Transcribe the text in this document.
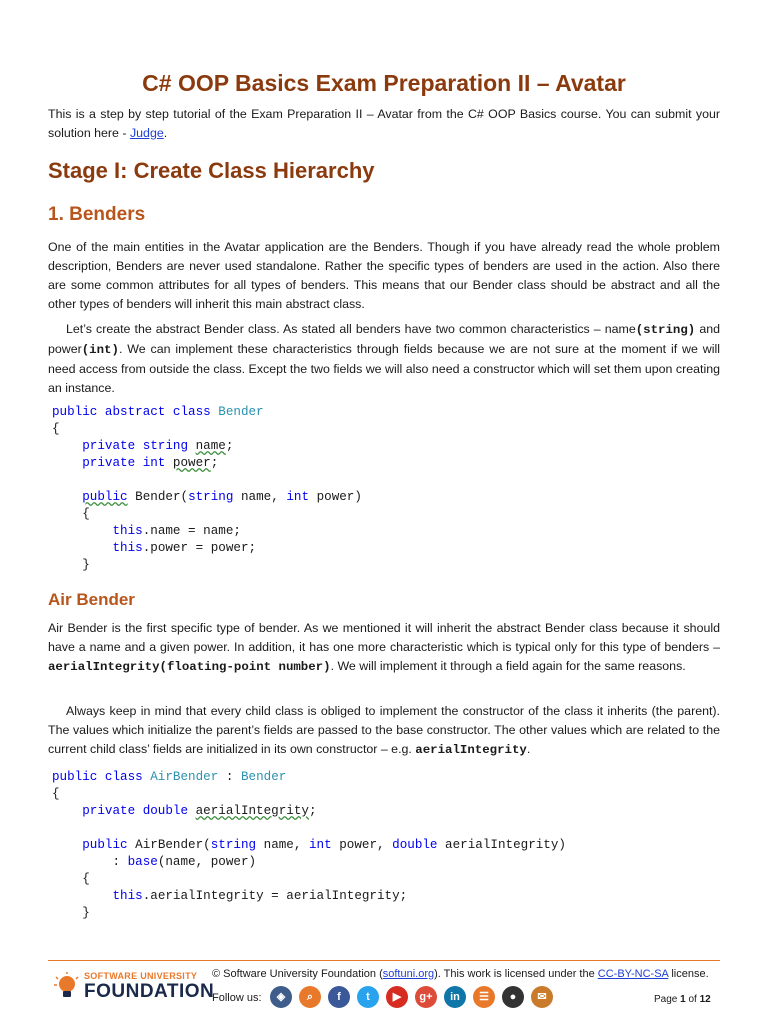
C# OOP Basics Exam Preparation II – Avatar

This is a step by step tutorial of the Exam Preparation II – Avatar from the C# OOP Basics course. You can submit your solution here - Judge.

Stage I: Create Class Hierarchy
1. Benders

One of the main entities in the Avatar application are the Benders. Though if you have already read the whole problem description, Benders are never used standalone. Rather the specific types of benders are used in the action. Also there are some common attributes for all types of benders. This means that our Bender class should be abstract and all the other types of benders will inherit this main abstract class.

Let’s create the abstract Bender class. As stated all benders have two common characteristics – name(string) and power(int). We can implement these characteristics through fields because we are not sure at the moment if we will need access from outside the class. Except the two fields we will also need a constructor which will set them upon creating an instance.

public abstract class Bender
{
private string name;
private int power;

public Bender(string name, int power)
{
this.name = name;
this.power = power;
}
Air Bender

Air Bender is the first specific type of bender. As we mentioned it will inherit the abstract Bender class because it should have a name and a given power. In addition, it has one more characteristic which is typical only for this type of benders – aerialIntegrity(floating-point number). We will implement it through a field again for the same reasons.

Always keep in mind that every child class is obliged to implement the constructor of the class it inherits (the parent). The values which initialize the parent’s fields are passed to the base constructor. The other values which are related to the current child class’ fields are initialized in its own constructor – e.g. aerialIntegrity.

public class AirBender : Bender
{
private double aerialIntegrity;

public AirBender(string name, int power, double aerialIntegrity)
: base(name, power)
{
this.aerialIntegrity = aerialIntegrity;
}
SOFTWARE UNIVERSITY
FOUNDATION
© Software University Foundation (softuni.org). This work is licensed under the CC-BY-NC-SA license.
Follow us:	◈	⌕	f	t	▶	g+	in	☰	●	✉	Page 1 of 12
